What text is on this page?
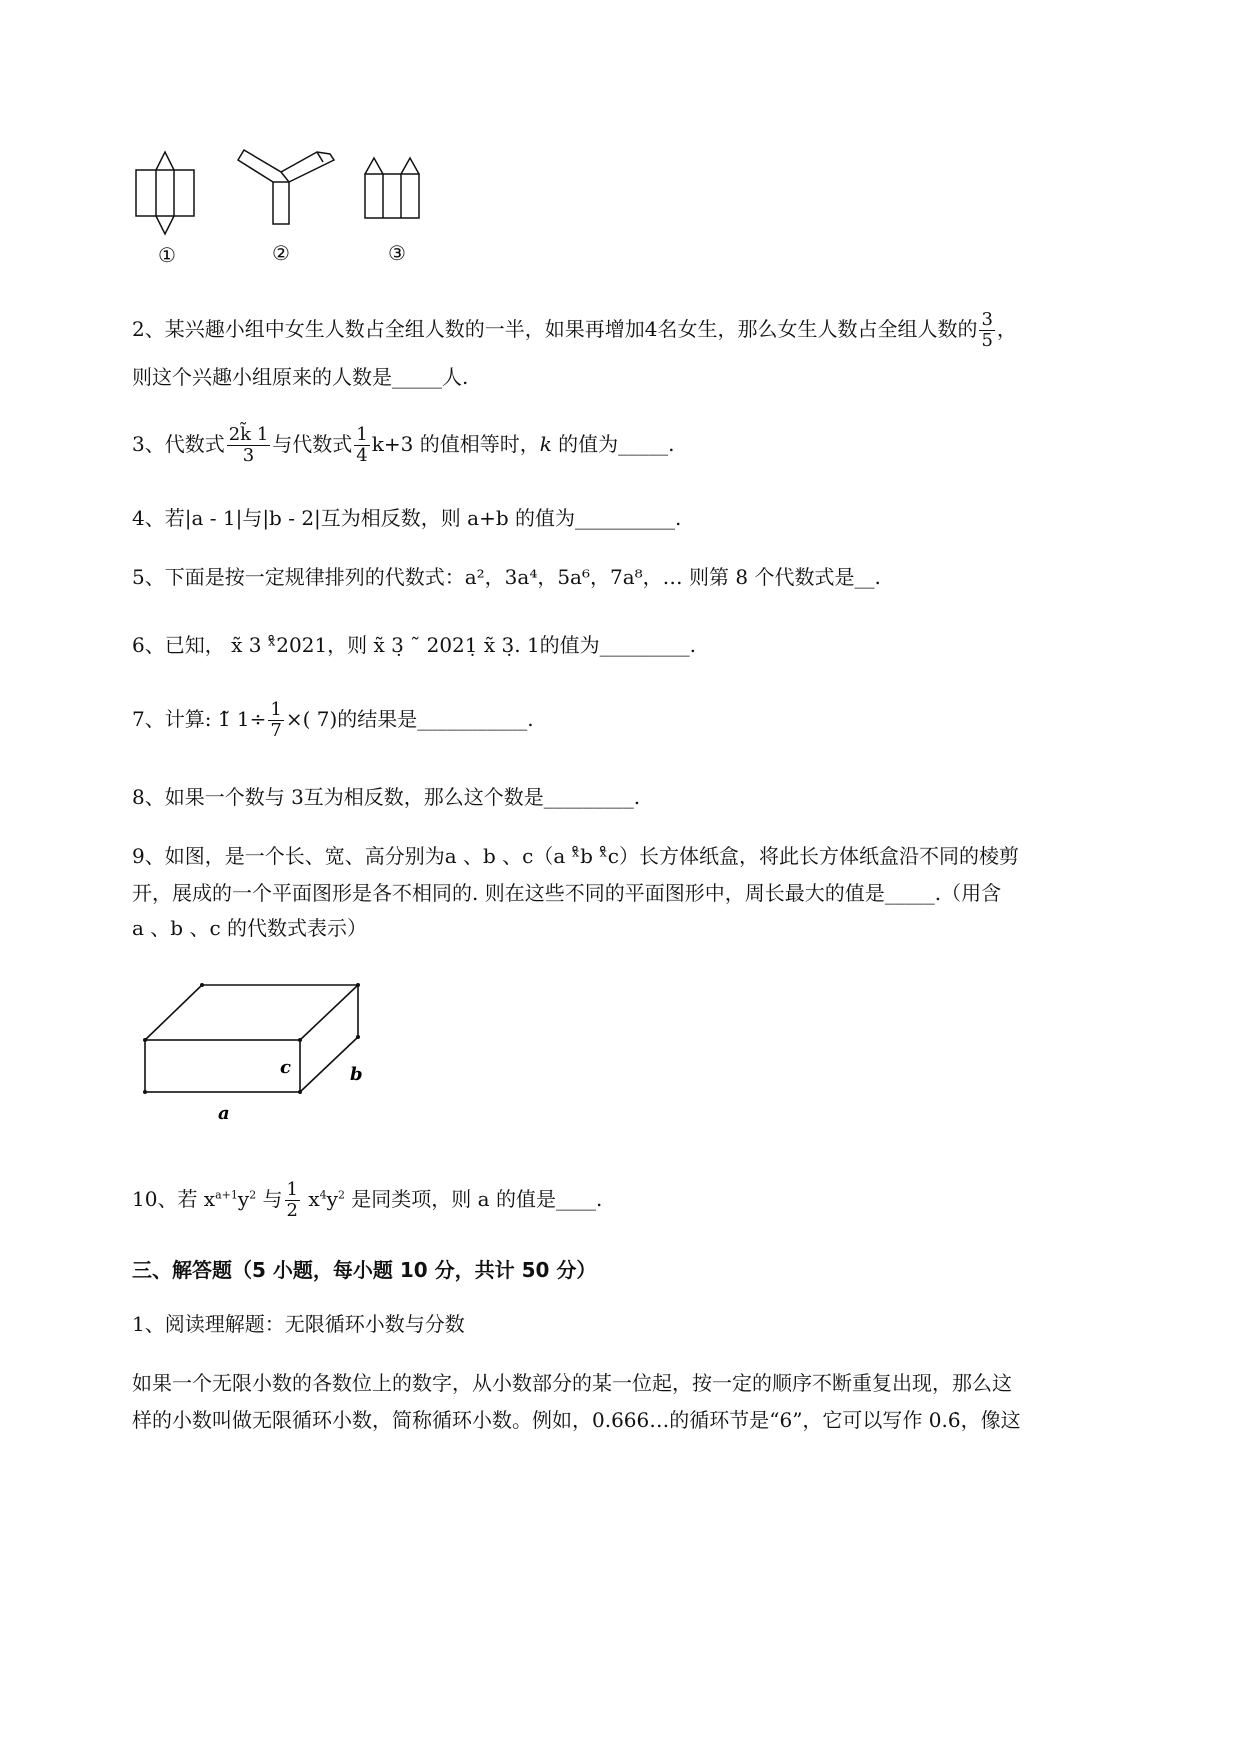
①	②	③
2、某兴趣小组中女生人数占全组人数的一半，如果再增加4名女生，那么女生人数占全组人数的 $\frac{3}{5}$ ，
则这个兴趣小组原来的人数是_____人.
3、代数式 $\frac{2k̃ 1}{3}$ 与代数式 $\frac{1}{4} k+3$ 的值相等时，k 的值为_____.
4、若|a - 1|与|b - 2|互为相反数，则 a+b 的值为__________.
5、下面是按一定规律排列的代数式：a²，3a⁴，5a⁶，7a⁸，… 则第 8 个代数式是__.
6、已知， x̃ 3 ˣ̊2021，则 x̃ 3̣ ˜ 2021̣ x̃ 3̣. 1的值为_________.
7、计算: 1̃ $1\div \frac{1}{7}$ ×( 7)的结果是___________.
8、如果一个数与 3互为相反数，那么这个数是_________.
9、如图，是一个长、宽、高分别为a 、b 、c（a ˣ̊b ˣ̊c）长方体纸盒，将此长方体纸盒沿不同的棱剪
开，展成的一个平面图形是各不相同的. 则在这些不同的平面图形中，周长最大的值是_____.（用含
a 、b 、c 的代数式表示）
c	b
a
10、若 $x^{a+1}y^2$ 与 $\frac{1}{2} x^4y^2$ 是同类项，则 a 的值是____.
三、解答题（5 小题，每小题 10 分，共计 50 分）
1、阅读理解题：无限循环小数与分数
如果一个无限小数的各数位上的数字，从小数部分的某一位起，按一定的顺序不断重复出现，那么这
样的小数叫做无限循环小数，简称循环小数。例如，0.666…的循环节是“6”，它可以写作 0.6̇，像这
